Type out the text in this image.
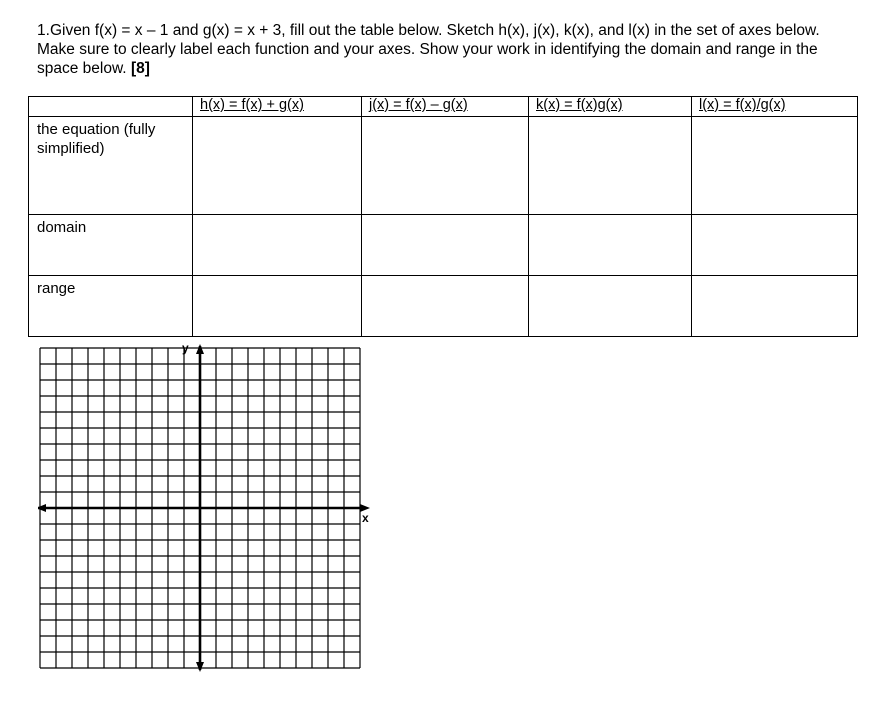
1.Given f(x) = x – 1 and g(x) = x + 3, fill out the table below. Sketch h(x), j(x), k(x), and l(x) in the set of axes below. Make sure to clearly label each function and your axes. Show your work in identifying the domain and range in the space below. [8]
	h(x) = f(x) + g(x)	j(x) = f(x) – g(x)	k(x) = f(x)g(x)	l(x) = f(x)/g(x)
the equation (fully simplified)				
domain				
range				
y
x
